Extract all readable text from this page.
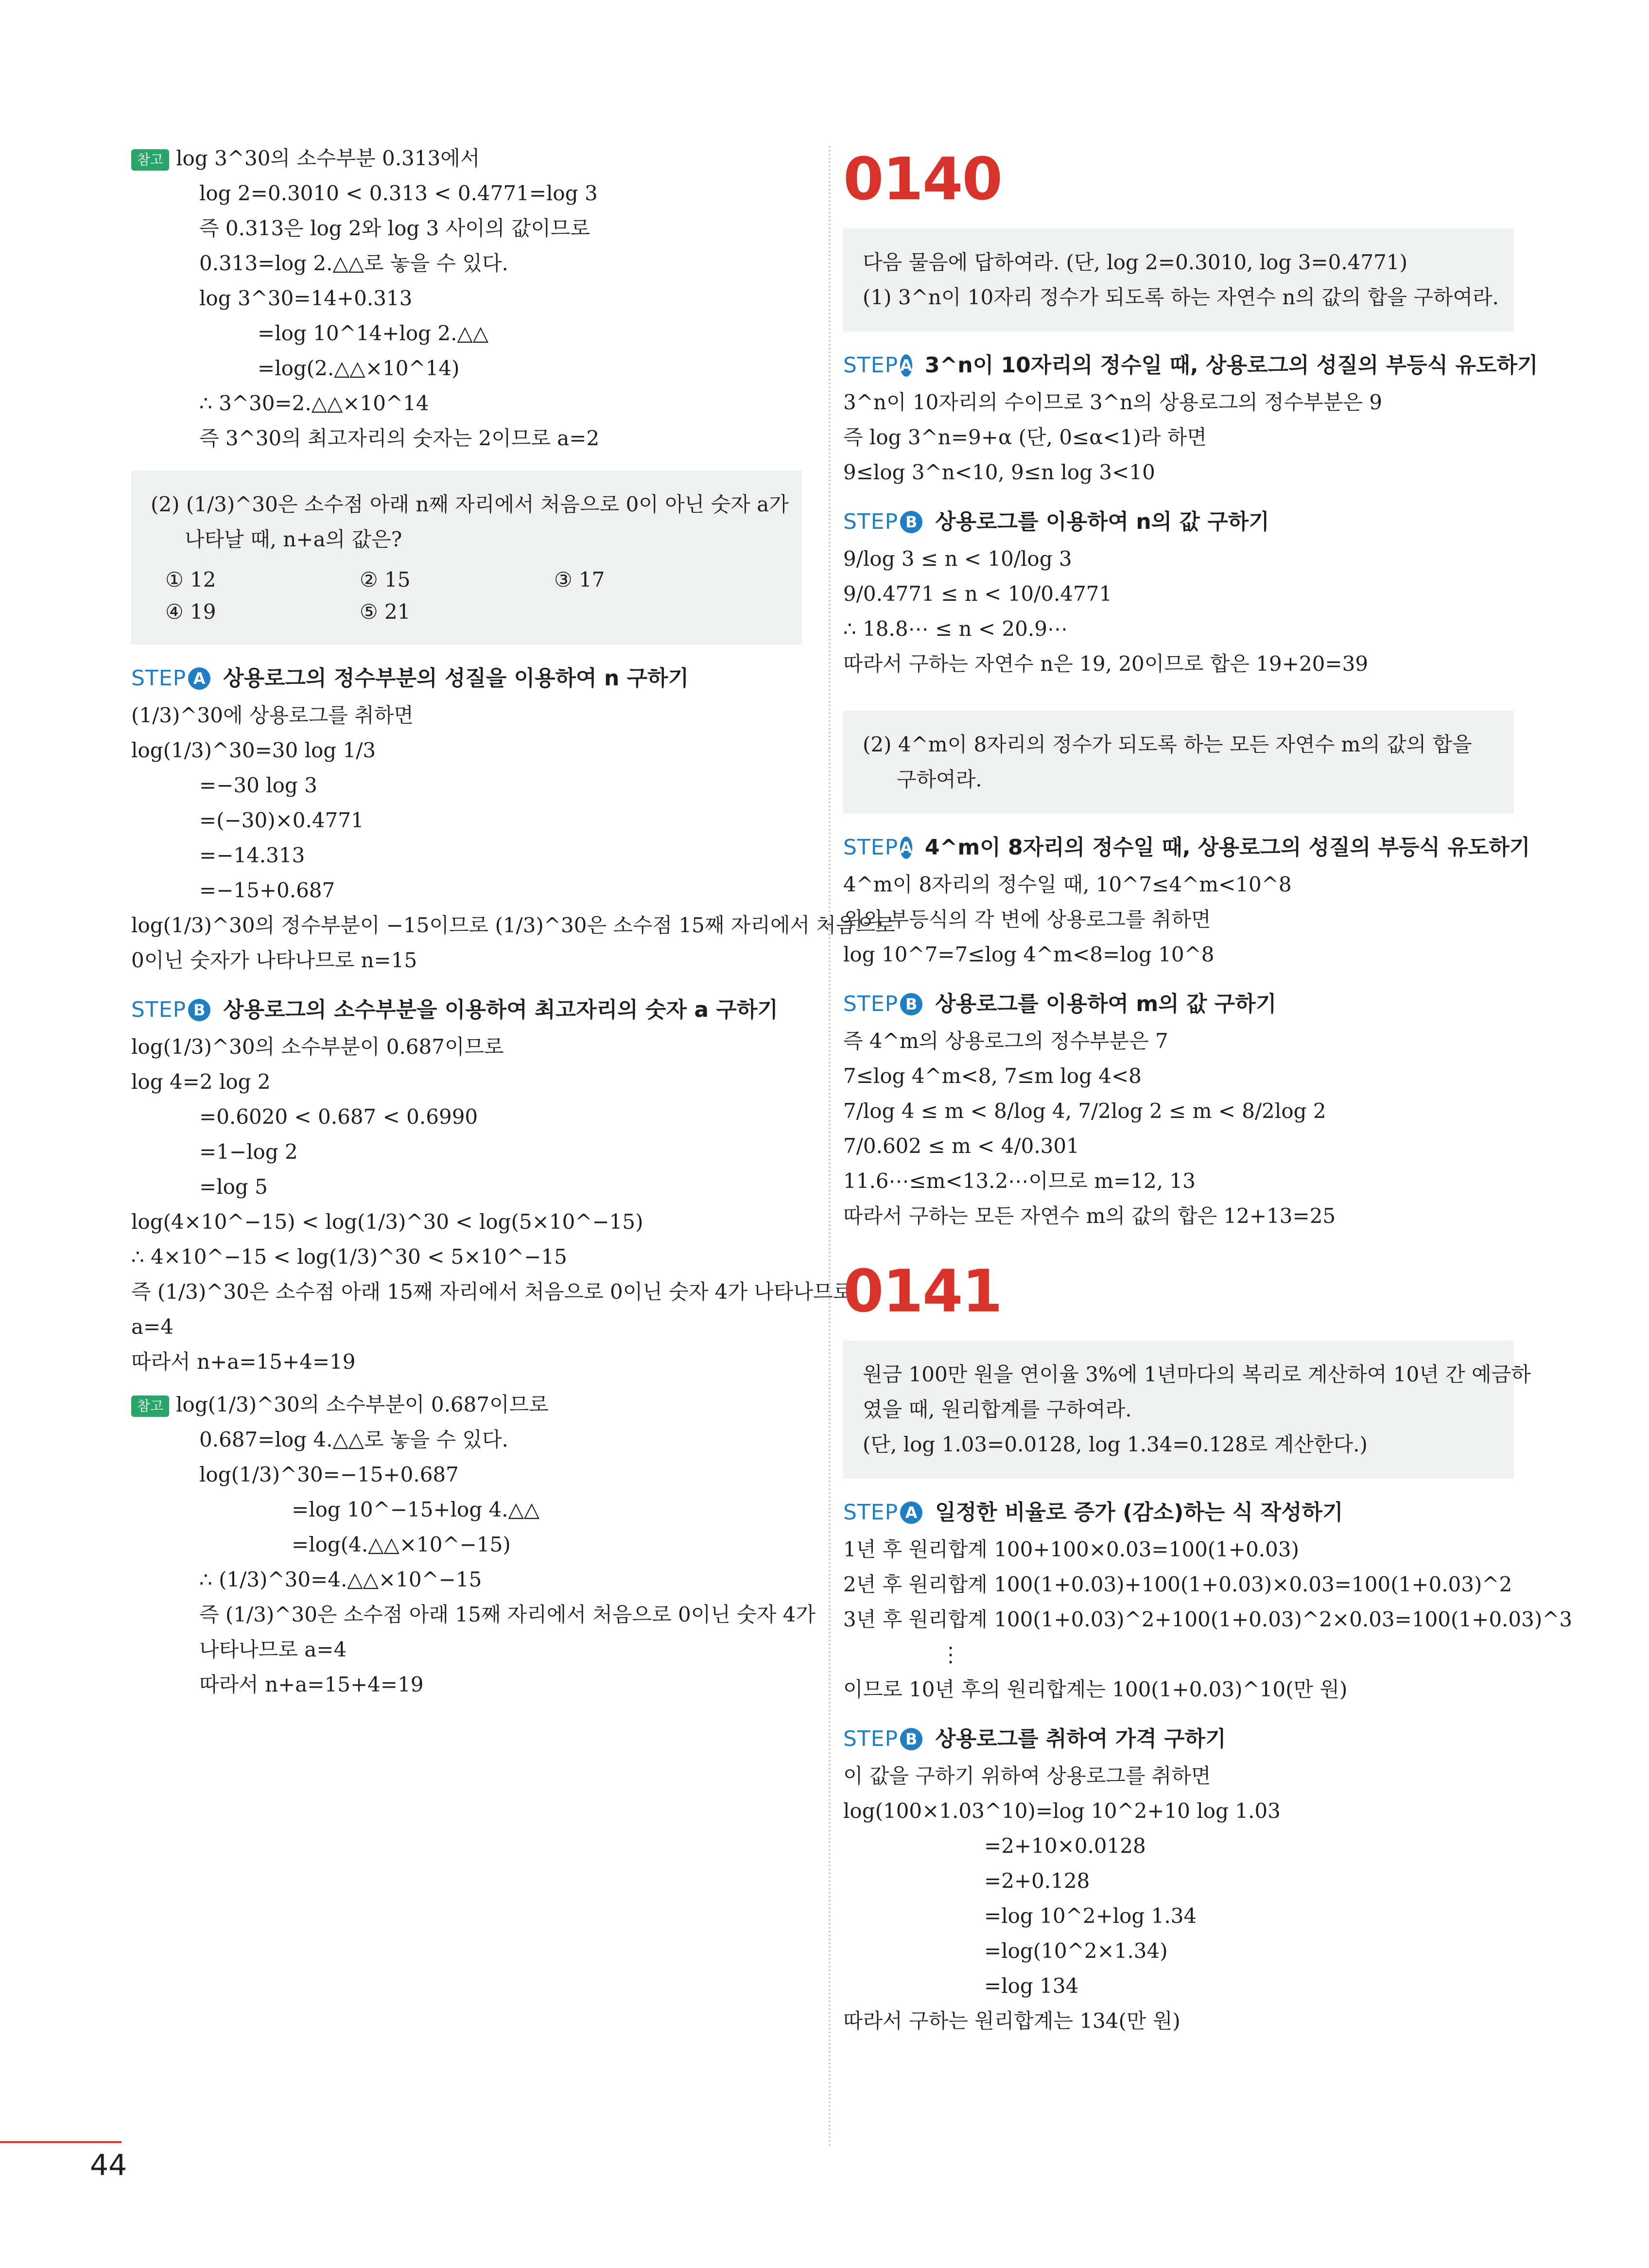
참고 log 3^30의 소수부분 0.313에서
log 2=0.3010 < 0.313 < 0.4771=log 3
즉 0.313은 log 2와 log 3 사이의 값이므로
0.313=log 2.△△로 놓을 수 있다.
log 3^30=14+0.313
=log 10^14+log 2.△△
=log(2.△△×10^14)
∴ 3^30=2.△△×10^14
즉 3^30의 최고자리의 숫자는 2이므로 a=2
(2) (1/3)^30은 소수점 아래 n째 자리에서 처음으로 0이 아닌 숫자 a가
나타날 때, n+a의 값은?
① 12	② 15	③ 17
④ 19	⑤ 21
STEP A 상용로그의 정수부분의 성질을 이용하여 n 구하기
(1/3)^30에 상용로그를 취하면
log(1/3)^30=30 log 1/3
=−30 log 3
=(−30)×0.4771
=−14.313
=−15+0.687
log(1/3)^30의 정수부분이 −15이므로 (1/3)^30은 소수점 15째 자리에서 처음으로
0이닌 숫자가 나타나므로 n=15
STEP B 상용로그의 소수부분을 이용하여 최고자리의 숫자 a 구하기
log(1/3)^30의 소수부분이 0.687이므로
log 4=2 log 2
=0.6020 < 0.687 < 0.6990
=1−log 2
=log 5
log(4×10^−15) < log(1/3)^30 < log(5×10^−15)
∴ 4×10^−15 < log(1/3)^30 < 5×10^−15
즉 (1/3)^30은 소수점 아래 15째 자리에서 처음으로 0이닌 숫자 4가 나타나므로
a=4
따라서 n+a=15+4=19
참고 log(1/3)^30의 소수부분이 0.687이므로
0.687=log 4.△△로 놓을 수 있다.
log(1/3)^30=−15+0.687
=log 10^−15+log 4.△△
=log(4.△△×10^−15)
∴ (1/3)^30=4.△△×10^−15
즉 (1/3)^30은 소수점 아래 15째 자리에서 처음으로 0이닌 숫자 4가
나타나므로 a=4
따라서 n+a=15+4=19
0140
다음 물음에 답하여라. (단, log 2=0.3010, log 3=0.4771)
(1) 3^n이 10자리 정수가 되도록 하는 자연수 n의 값의 합을 구하여라.
STEP A 3^n이 10자리의 정수일 때, 상용로그의 성질의 부등식 유도하기
3^n이 10자리의 수이므로 3^n의 상용로그의 정수부분은 9
즉 log 3^n=9+α (단, 0≤α<1)라 하면
9≤log 3^n<10, 9≤n log 3<10
STEP B 상용로그를 이용하여 n의 값 구하기
9/log 3 ≤ n < 10/log 3
9/0.4771 ≤ n < 10/0.4771
∴ 18.8⋯ ≤ n < 20.9⋯
따라서 구하는 자연수 n은 19, 20이므로 합은 19+20=39
(2) 4^m이 8자리의 정수가 되도록 하는 모든 자연수 m의 값의 합을
구하여라.
STEP A 4^m이 8자리의 정수일 때, 상용로그의 성질의 부등식 유도하기
4^m이 8자리의 정수일 때, 10^7≤4^m<10^8
위의 부등식의 각 변에 상용로그를 취하면
log 10^7=7≤log 4^m<8=log 10^8
STEP B 상용로그를 이용하여 m의 값 구하기
즉 4^m의 상용로그의 정수부분은 7
7≤log 4^m<8, 7≤m log 4<8
7/log 4 ≤ m < 8/log 4, 7/2log 2 ≤ m < 8/2log 2
7/0.602 ≤ m < 4/0.301
11.6⋯≤m<13.2⋯이므로 m=12, 13
따라서 구하는 모든 자연수 m의 값의 합은 12+13=25
0141
원금 100만 원을 연이율 3%에 1년마다의 복리로 계산하여 10년 간 예금하
였을 때, 원리합계를 구하여라.
(단, log 1.03=0.0128, log 1.34=0.128로 계산한다.)
STEP A 일정한 비율로 증가 (감소)하는 식 작성하기
1년 후 원리합계 100+100×0.03=100(1+0.03)
2년 후 원리합계 100(1+0.03)+100(1+0.03)×0.03=100(1+0.03)^2
3년 후 원리합계 100(1+0.03)^2+100(1+0.03)^2×0.03=100(1+0.03)^3
⋮
이므로 10년 후의 원리합계는 100(1+0.03)^10(만 원)
STEP B 상용로그를 취하여 가격 구하기
이 값을 구하기 위하여 상용로그를 취하면
log(100×1.03^10)=log 10^2+10 log 1.03
=2+10×0.0128
=2+0.128
=log 10^2+log 1.34
=log(10^2×1.34)
=log 134
따라서 구하는 원리합계는 134(만 원)
44
